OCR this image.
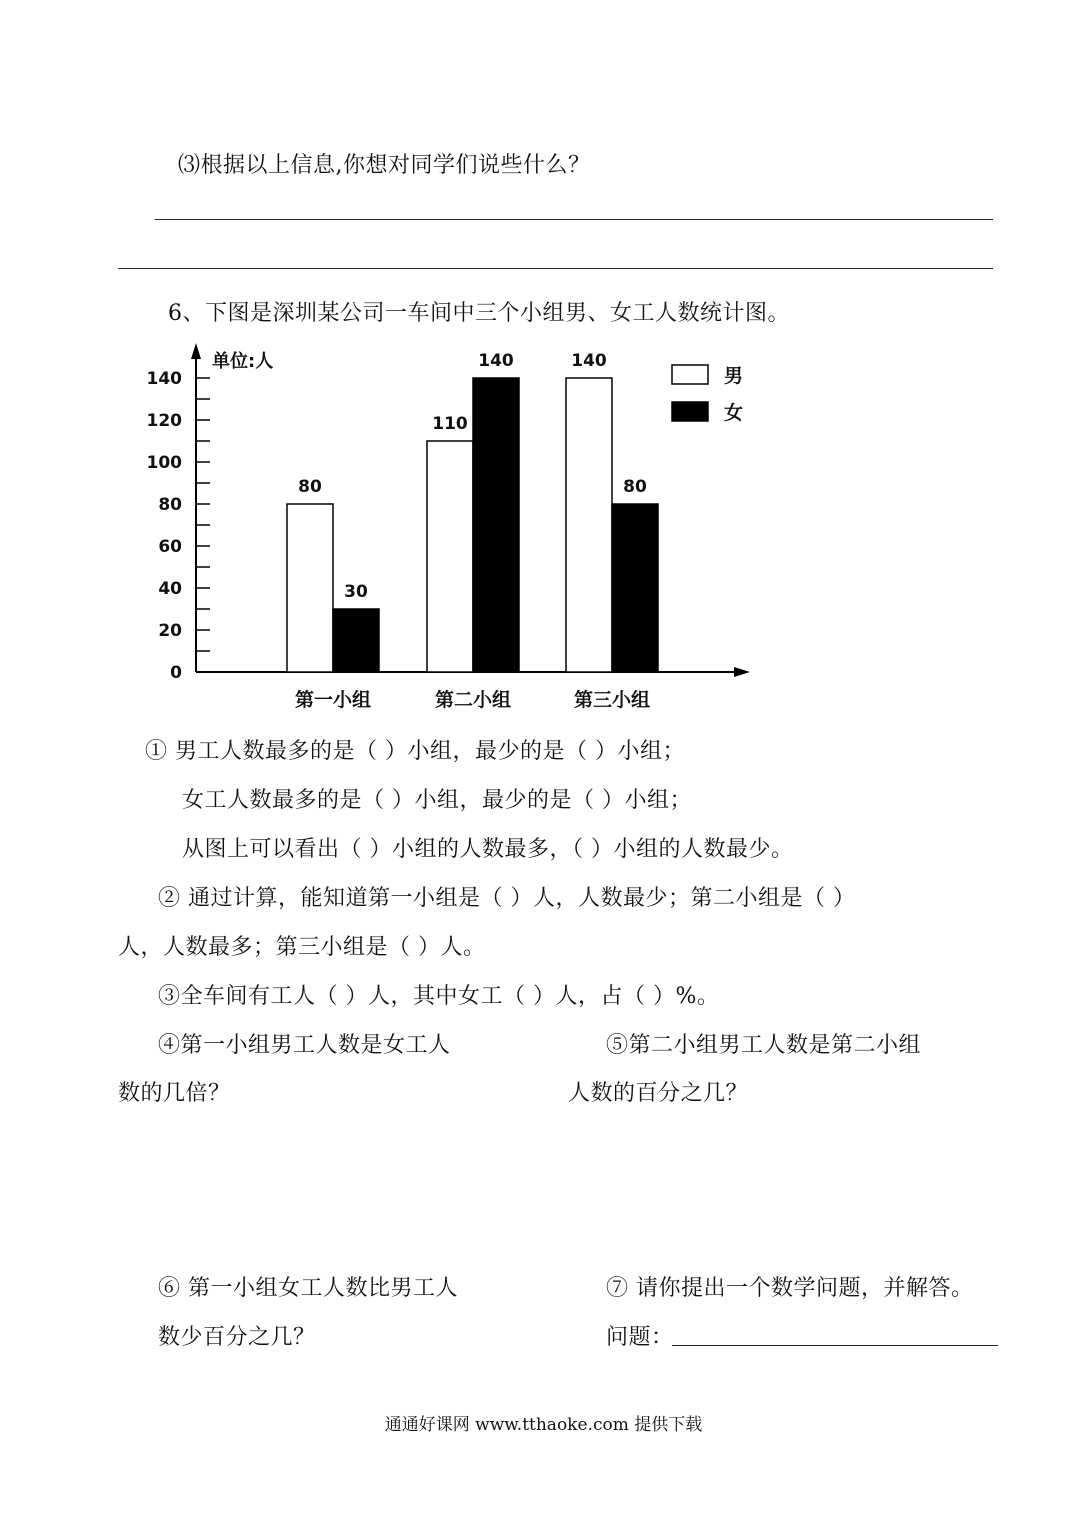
⑶根据以上信息,你想对同学们说些什么？
6、下图是深圳某公司一车间中三个小组男、女工人数统计图。
0
20
40
60
80
100
120
140
单位:人
80
30
第一小组
110
140
第二小组
140
80
第三小组
男
女
① 男工人数最多的是（ ）小组，最少的是（ ）小组；
女工人数最多的是（ ）小组，最少的是（ ）小组；
从图上可以看出（ ）小组的人数最多，（ ）小组的人数最少。
② 通过计算，能知道第一小组是（ ）人，人数最少；第二小组是（ ）
人，人数最多；第三小组是（ ）人。
③全车间有工人（ ）人，其中女工（ ）人，占（ ）%。
④第一小组男工人数是女工人
数的几倍？
⑤第二小组男工人数是第二小组
人数的百分之几？
⑥ 第一小组女工人数比男工人
数少百分之几？
⑦ 请你提出一个数学问题，并解答。
问题：
通通好课网 www.tthaoke.com 提供下载
